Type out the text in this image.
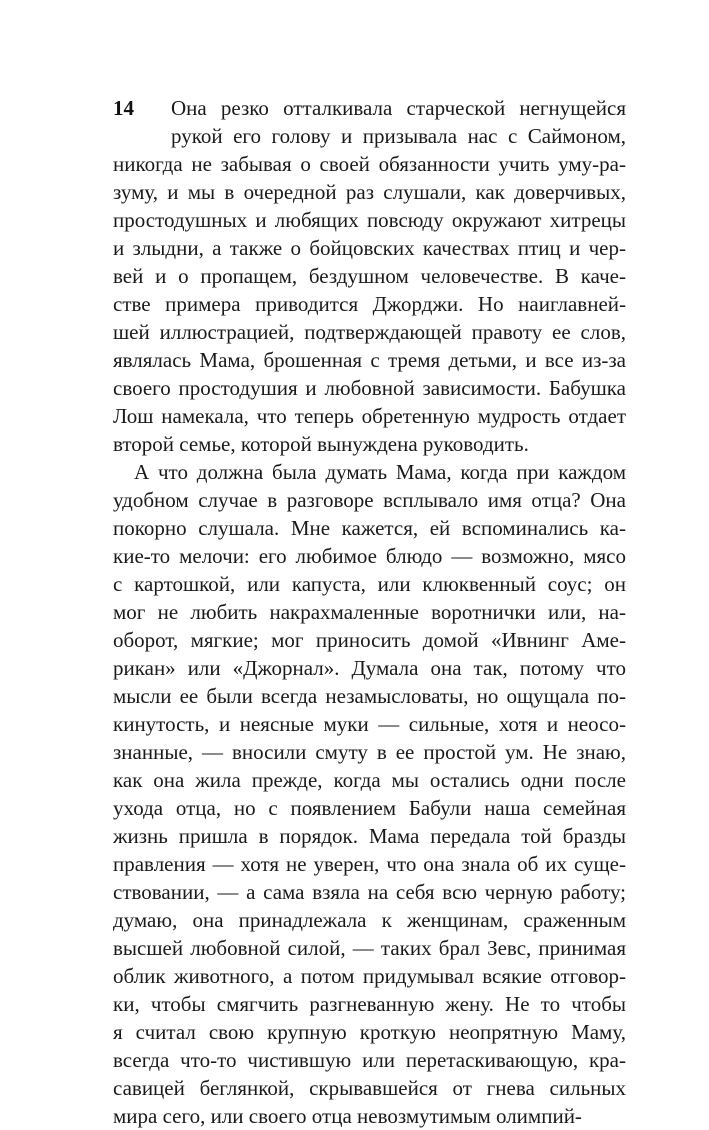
14	Она резко отталкивала старческой негнущейся
рукой его голову и призывала нас с Саймоном,
никогда не забывая о своей обязанности учить уму-ра-
зуму, и мы в очередной раз слушали, как доверчивых,
простодушных и любящих повсюду окружают хитрецы
и злыдни, а также о бойцовских качествах птиц и чер-
вей и о пропащем, бездушном человечестве. В каче-
стве примера приводится Джорджи. Но наиглавней-
шей иллюстрацией, подтверждающей правоту ее слов,
являлась Мама, брошенная с тремя детьми, и все из-за
своего простодушия и любовной зависимости. Бабушка
Лош намекала, что теперь обретенную мудрость отдает
второй семье, которой вынуждена руководить.
А что должна была думать Мама, когда при каждом
удобном случае в разговоре всплывало имя отца? Она
покорно слушала. Мне кажется, ей вспоминались ка-
кие-то мелочи: его любимое блюдо — возможно, мясо
с картошкой, или капуста, или клюквенный соус; он
мог не любить накрахмаленные воротнички или, на-
оборот, мягкие; мог приносить домой «Ивнинг Аме-
рикан» или «Джорнал». Думала она так, потому что
мысли ее были всегда незамысловаты, но ощущала по-
кинутость, и неясные муки — сильные, хотя и неосо-
знанные, — вносили смуту в ее простой ум. Не знаю,
как она жила прежде, когда мы остались одни после
ухода отца, но с появлением Бабули наша семейная
жизнь пришла в порядок. Мама передала той бразды
правления — хотя не уверен, что она знала об их суще-
ствовании, — а сама взяла на себя всю черную работу;
думаю, она принадлежала к женщинам, сраженным
высшей любовной силой, — таких брал Зевс, принимая
облик животного, а потом придумывал всякие отговор-
ки, чтобы смягчить разгневанную жену. Не то чтобы
я считал свою крупную кроткую неопрятную Маму,
всегда что-то чистившую или перетаскивающую, кра-
савицей беглянкой, скрывавшейся от гнева сильных
мира сего, или своего отца невозмутимым олимпий-
